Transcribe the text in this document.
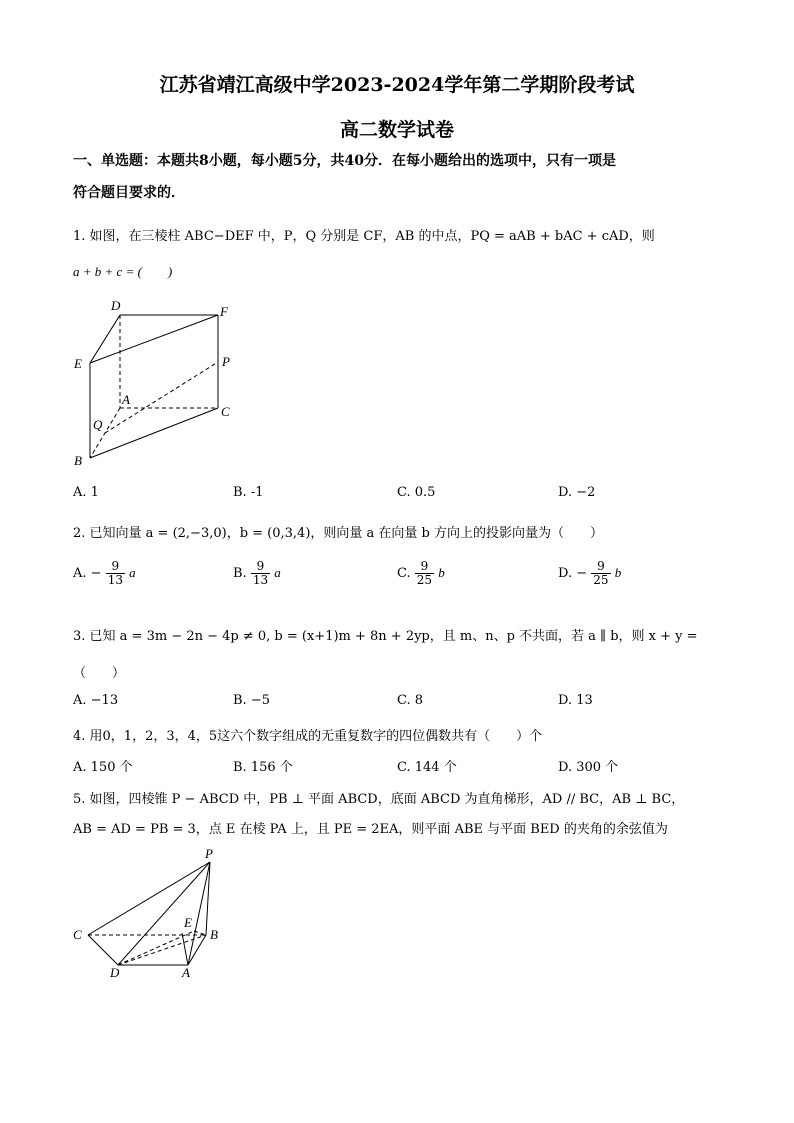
江苏省靖江高级中学2023-2024学年第二学期阶段考试
高二数学试卷
一、单选题：本题共8小题，每小题5分，共40分．在每小题给出的选项中，只有一项是
符合题目要求的．
1. 如图，在三棱柱 ABC−DEF 中，P，Q 分别是 CF，AB 的中点，PQ = aAB + bAC + cAD，则
a + b + c = (　　)
D	F
E	P
A
C
Q
B
A. 1	B. -1	C. 0.5	D. −2
2. 已知向量 a = (2,−3,0)，b = (0,3,4)，则向量 a 在向量 b 方向上的投影向量为（　　）
A. − $\frac{9}{13}$ a	B. $\frac{9}{13}$ a	C. $\frac{9}{25}$ b	D. − $\frac{9}{25}$ b
3. 已知 a = 3m − 2n − 4p ≠ 0, b = (x+1)m + 8n + 2yp，且 m、n、p 不共面，若 a ∥ b，则 x + y =
（　　）
A. −13	B. −5	C. 8	D. 13
4. 用0，1，2，3，4，5这六个数字组成的无重复数字的四位偶数共有（　　）个
A. 150 个	B. 156 个	C. 144 个	D. 300 个
5. 如图，四棱锥 P − ABCD 中，PB ⊥ 平面 ABCD，底面 ABCD 为直角梯形，AD // BC，AB ⊥ BC，
AB = AD = PB = 3，点 E 在棱 PA 上，且 PE = 2EA，则平面 ABE 与平面 BED 的夹角的余弦值为
P
E
C	B
D	A
